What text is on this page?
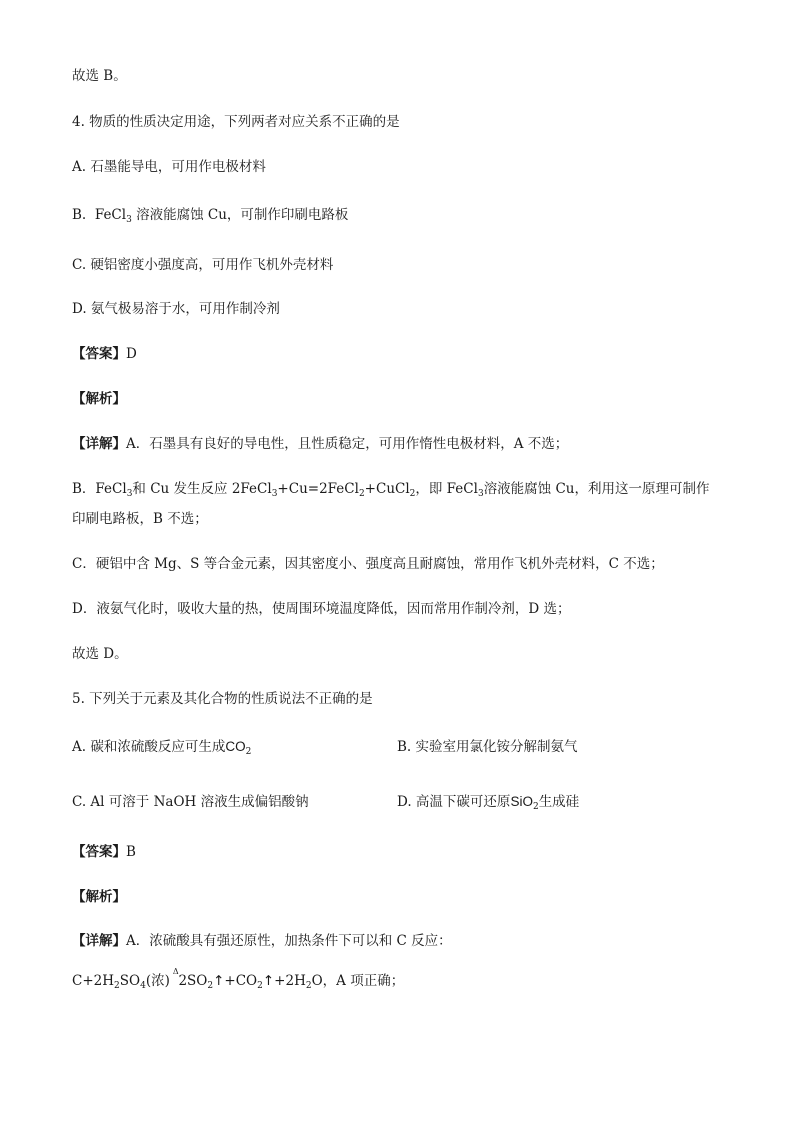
故选 B。
4. 物质的性质决定用途，下列两者对应关系不正确的是
A. 石墨能导电，可用作电极材料
B. FeCl$_3$ 溶液能腐蚀 Cu，可制作印刷电路板
C. 硬铝密度小强度高，可用作飞机外壳材料
D. 氨气极易溶于水，可用作制冷剂
【答案】D
【解析】
【详解】A．石墨具有良好的导电性，且性质稳定，可用作惰性电极材料，A 不选；
B．FeCl$_3$和 Cu 发生反应 2FeCl$_3$+Cu=2FeCl$_2$+CuCl$_2$，即 FeCl$_3$溶液能腐蚀 Cu，利用这一原理可制作印刷电路板，B 不选；
C．硬铝中含 Mg、S 等合金元素，因其密度小、强度高且耐腐蚀，常用作飞机外壳材料，C 不选；
D．液氨气化时，吸收大量的热，使周围环境温度降低，因而常用作制冷剂，D 选；
故选 D。
5. 下列关于元素及其化合物的性质说法不正确的是
A. 碳和浓硫酸反应可生成$CO_2$	B. 实验室用氯化铵分解制氨气
C. Al 可溶于 NaOH 溶液生成偏铝酸钠	D. 高温下碳可还原SiO$_2$生成硅
【答案】B
【解析】
【详解】A．浓硫酸具有强还原性，加热条件下可以和 C 反应：
$C+2H_2SO_4$(浓)
Δ
$2SO_2↑+CO_2↑+2H_2O$，A 项正确；
